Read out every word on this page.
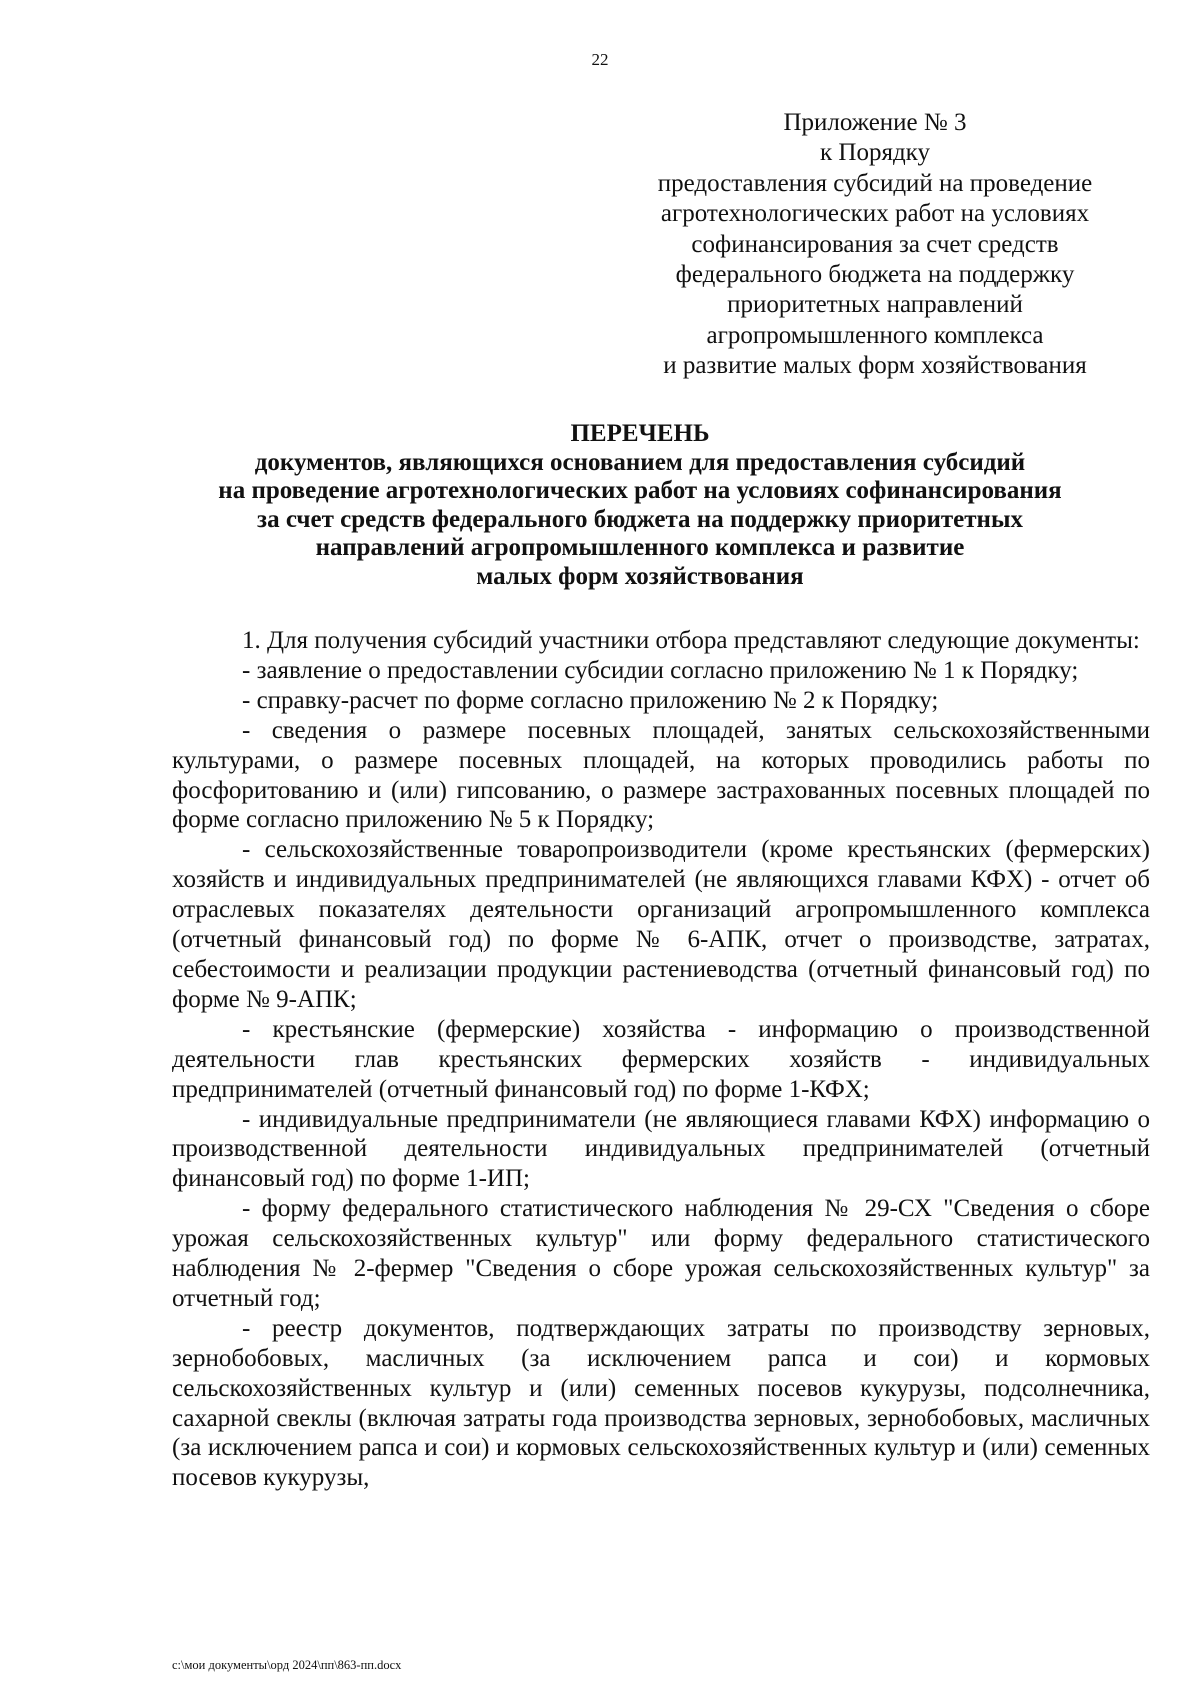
22
Приложение № 3
к Порядку
предоставления субсидий на проведение
агротехнологических работ на условиях
софинансирования за счет средств
федерального бюджета на поддержку
приоритетных направлений
агропромышленного комплекса
и развитие малых форм хозяйствования
ПЕРЕЧЕНЬ
документов, являющихся основанием для предоставления субсидий
на проведение агротехнологических работ на условиях софинансирования
за счет средств федерального бюджета на поддержку приоритетных
направлений агропромышленного комплекса и развитие
малых форм хозяйствования

1. Для получения субсидий участники отбора представляют следующие документы:

- заявление о предоставлении субсидии согласно приложению № 1 к Порядку;

- справку-расчет по форме согласно приложению № 2 к Порядку;

- сведения о размере посевных площадей, занятых сельскохозяйственными культурами, о размере посевных площадей, на которых проводились работы по фосфоритованию и (или) гипсованию, о размере застрахованных посевных площадей по форме согласно приложению № 5 к Порядку;

- сельскохозяйственные товаропроизводители (кроме крестьянских (фермерских) хозяйств и индивидуальных предпринимателей (не являющихся главами КФХ) - отчет об отраслевых показателях деятельности организаций агропромышленного комплекса (отчетный финансовый год) по форме № 6-АПК, отчет о производстве, затратах, себестоимости и реализации продукции растениеводства (отчетный финансовый год) по форме № 9-АПК;

- крестьянские (фермерские) хозяйства - информацию о производственной деятельности глав крестьянских фермерских хозяйств - индивидуальных предпринимателей (отчетный финансовый год) по форме 1-КФХ;

- индивидуальные предприниматели (не являющиеся главами КФХ) информацию о производственной деятельности индивидуальных предпринимателей (отчетный финансовый год) по форме 1-ИП;

- форму федерального статистического наблюдения № 29-СХ "Сведения о сборе урожая сельскохозяйственных культур" или форму федерального статистического наблюдения № 2-фермер "Сведения о сборе урожая сельскохозяйственных культур" за отчетный год;

- реестр документов, подтверждающих затраты по производству зерновых, зернобобовых, масличных (за исключением рапса и сои) и кормовых сельскохозяйственных культур и (или) семенных посевов кукурузы, подсолнечника, сахарной свеклы (включая затраты года производства зерновых, зернобобовых, масличных (за исключением рапса и сои) и кормовых сельскохозяйственных культур и (или) семенных посевов кукурузы,

c:\мои документы\орд 2024\пп\863-пп.docx
